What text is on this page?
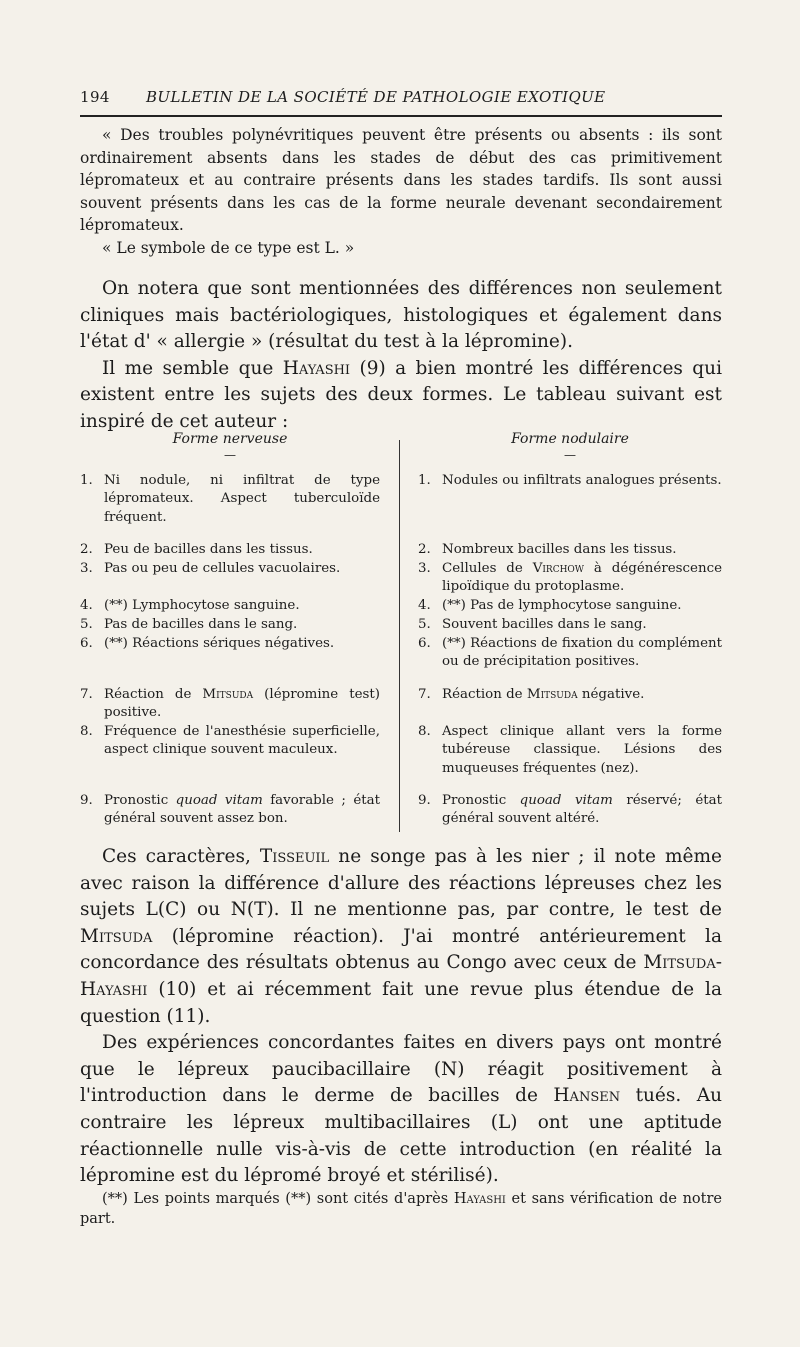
194 BULLETIN DE LA SOCIÉTÉ DE PATHOLOGIE EXOTIQUE

« Des troubles polynévritiques peuvent être présents ou absents : ils sont ordinairement absents dans les stades de début des cas primitivement lépromateux et au contraire présents dans les stades tardifs. Ils sont aussi souvent présents dans les cas de la forme neurale devenant secondairement lépromateux.

« Le symbole de ce type est L. »

On notera que sont mentionnées des différences non seulement cliniques mais bactériologiques, histologiques et également dans l'état d' « allergie » (résultat du test à la lépromine).

Il me semble que Hayashi (9) a bien montré les différences qui existent entre les sujets des deux formes. Le tableau suivant est inspiré de cet auteur :

Forme nerveuse
—
1. Ni nodule, ni infiltrat de type lépromateux. Aspect tuberculoïde fréquent.
2. Peu de bacilles dans les tissus.
3. Pas ou peu de cellules vacuolaires.
4. (**) Lymphocytose sanguine.
5. Pas de bacilles dans le sang.
6. (**) Réactions sériques négatives.
7. Réaction de Mitsuda (lépromine test) positive.
8. Fréquence de l'anesthésie superficielle, aspect clinique souvent maculeux.
9. Pronostic quoad vitam favorable ; état général souvent assez bon.
Forme nodulaire
—
1. Nodules ou infiltrats analogues présents.
2. Nombreux bacilles dans les tissus.
3. Cellules de Virchow à dégénérescence lipoïdique du protoplasme.
4. (**) Pas de lymphocytose sanguine.
5. Souvent bacilles dans le sang.
6. (**) Réactions de fixation du complément ou de précipitation positives.
7. Réaction de Mitsuda négative.
8. Aspect clinique allant vers la forme tubéreuse classique. Lésions des muqueuses fréquentes (nez).
9. Pronostic quoad vitam réservé; état général souvent altéré.

Ces caractères, Tisseuil ne songe pas à les nier ; il note même avec raison la différence d'allure des réactions lépreuses chez les sujets L(C) ou N(T). Il ne mentionne pas, par contre, le test de Mitsuda (lépromine réaction). J'ai montré antérieurement la concordance des résultats obtenus au Congo avec ceux de Mitsuda-Hayashi (10) et ai récemment fait une revue plus étendue de la question (11).

Des expériences concordantes faites en divers pays ont montré que le lépreux paucibacillaire (N) réagit positivement à l'introduction dans le derme de bacilles de Hansen tués. Au contraire les lépreux multibacillaires (L) ont une aptitude réactionnelle nulle vis-à-vis de cette introduction (en réalité la lépromine est du lépromé broyé et stérilisé).

(**) Les points marqués (**) sont cités d'après Hayashi et sans vérification de notre part.
